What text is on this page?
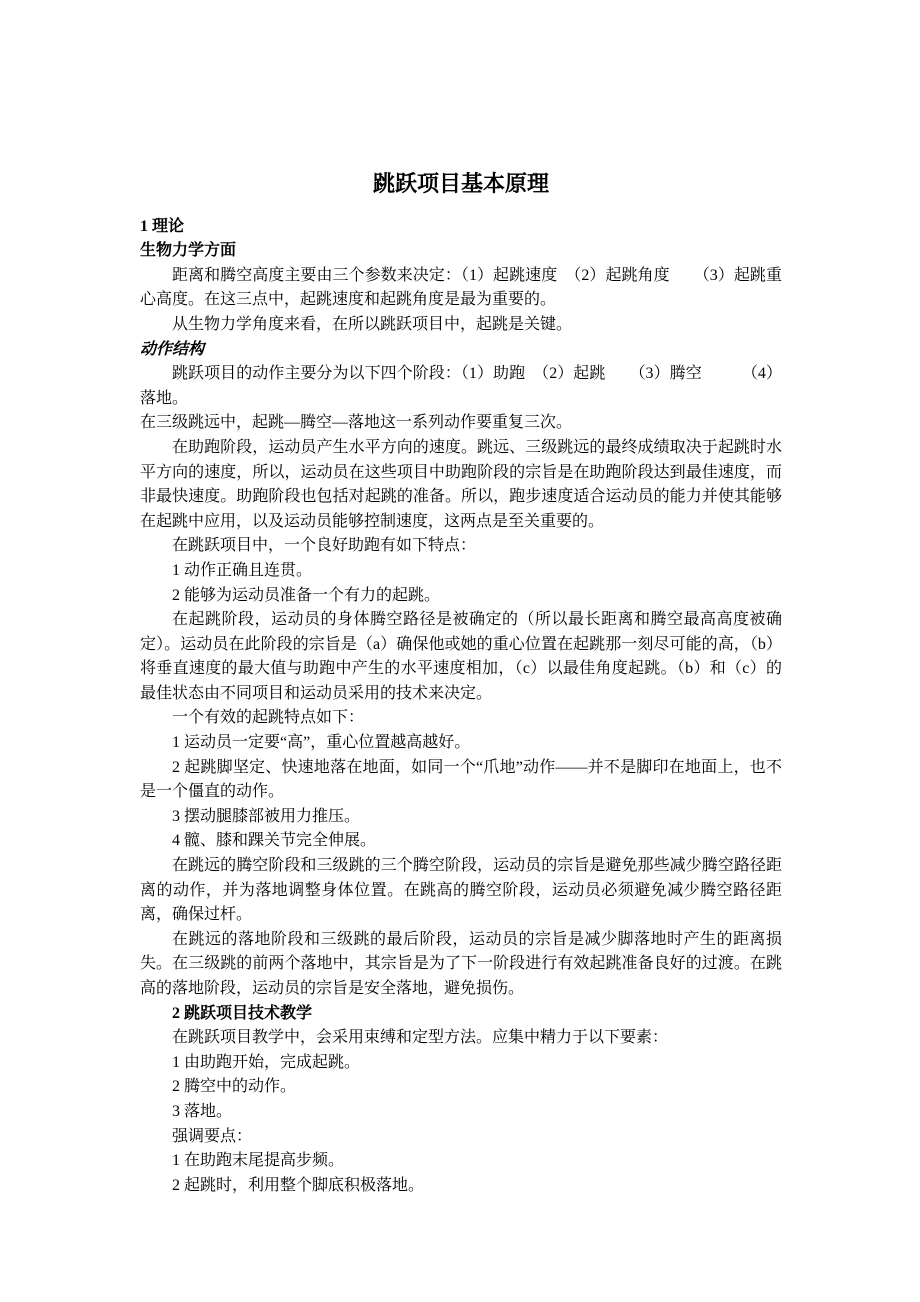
跳跃项目基本原理

1 理论

生物力学方面

距离和腾空高度主要由三个参数来决定：（1）起跳速度　（2）起跳角度　　（3）起跳重心高度。在这三点中，起跳速度和起跳角度是最为重要的。

从生物力学角度来看，在所以跳跃项目中，起跳是关键。

动作结构

跳跃项目的动作主要分为以下四个阶段：（1）助跑　（2）起跳　　（3）腾空　　　（4）落地。

在三级跳远中，起跳—腾空—落地这一系列动作要重复三次。

在助跑阶段，运动员产生水平方向的速度。跳远、三级跳远的最终成绩取决于起跳时水平方向的速度，所以，运动员在这些项目中助跑阶段的宗旨是在助跑阶段达到最佳速度，而非最快速度。助跑阶段也包括对起跳的准备。所以，跑步速度适合运动员的能力并使其能够在起跳中应用，以及运动员能够控制速度，这两点是至关重要的。

在跳跃项目中，一个良好助跑有如下特点：

1 动作正确且连贯。

2 能够为运动员准备一个有力的起跳。

在起跳阶段，运动员的身体腾空路径是被确定的（所以最长距离和腾空最高高度被确定）。运动员在此阶段的宗旨是（a）确保他或她的重心位置在起跳那一刻尽可能的高，（b）将垂直速度的最大值与助跑中产生的水平速度相加，（c）以最佳角度起跳。（b）和（c）的最佳状态由不同项目和运动员采用的技术来决定。

一个有效的起跳特点如下：

1 运动员一定要“高”，重心位置越高越好。

2 起跳脚坚定、快速地落在地面，如同一个“爪地”动作——并不是脚印在地面上，也不是一个僵直的动作。

3 摆动腿膝部被用力推压。

4 髋、膝和踝关节完全伸展。

在跳远的腾空阶段和三级跳的三个腾空阶段，运动员的宗旨是避免那些减少腾空路径距离的动作，并为落地调整身体位置。在跳高的腾空阶段，运动员必须避免减少腾空路径距离，确保过杆。

在跳远的落地阶段和三级跳的最后阶段，运动员的宗旨是减少脚落地时产生的距离损失。在三级跳的前两个落地中，其宗旨是为了下一阶段进行有效起跳准备良好的过渡。在跳高的落地阶段，运动员的宗旨是安全落地，避免损伤。

2 跳跃项目技术教学

在跳跃项目教学中，会采用束缚和定型方法。应集中精力于以下要素：

1 由助跑开始，完成起跳。

2 腾空中的动作。

3 落地。

强调要点：

1 在助跑末尾提高步频。

2 起跳时，利用整个脚底积极落地。
